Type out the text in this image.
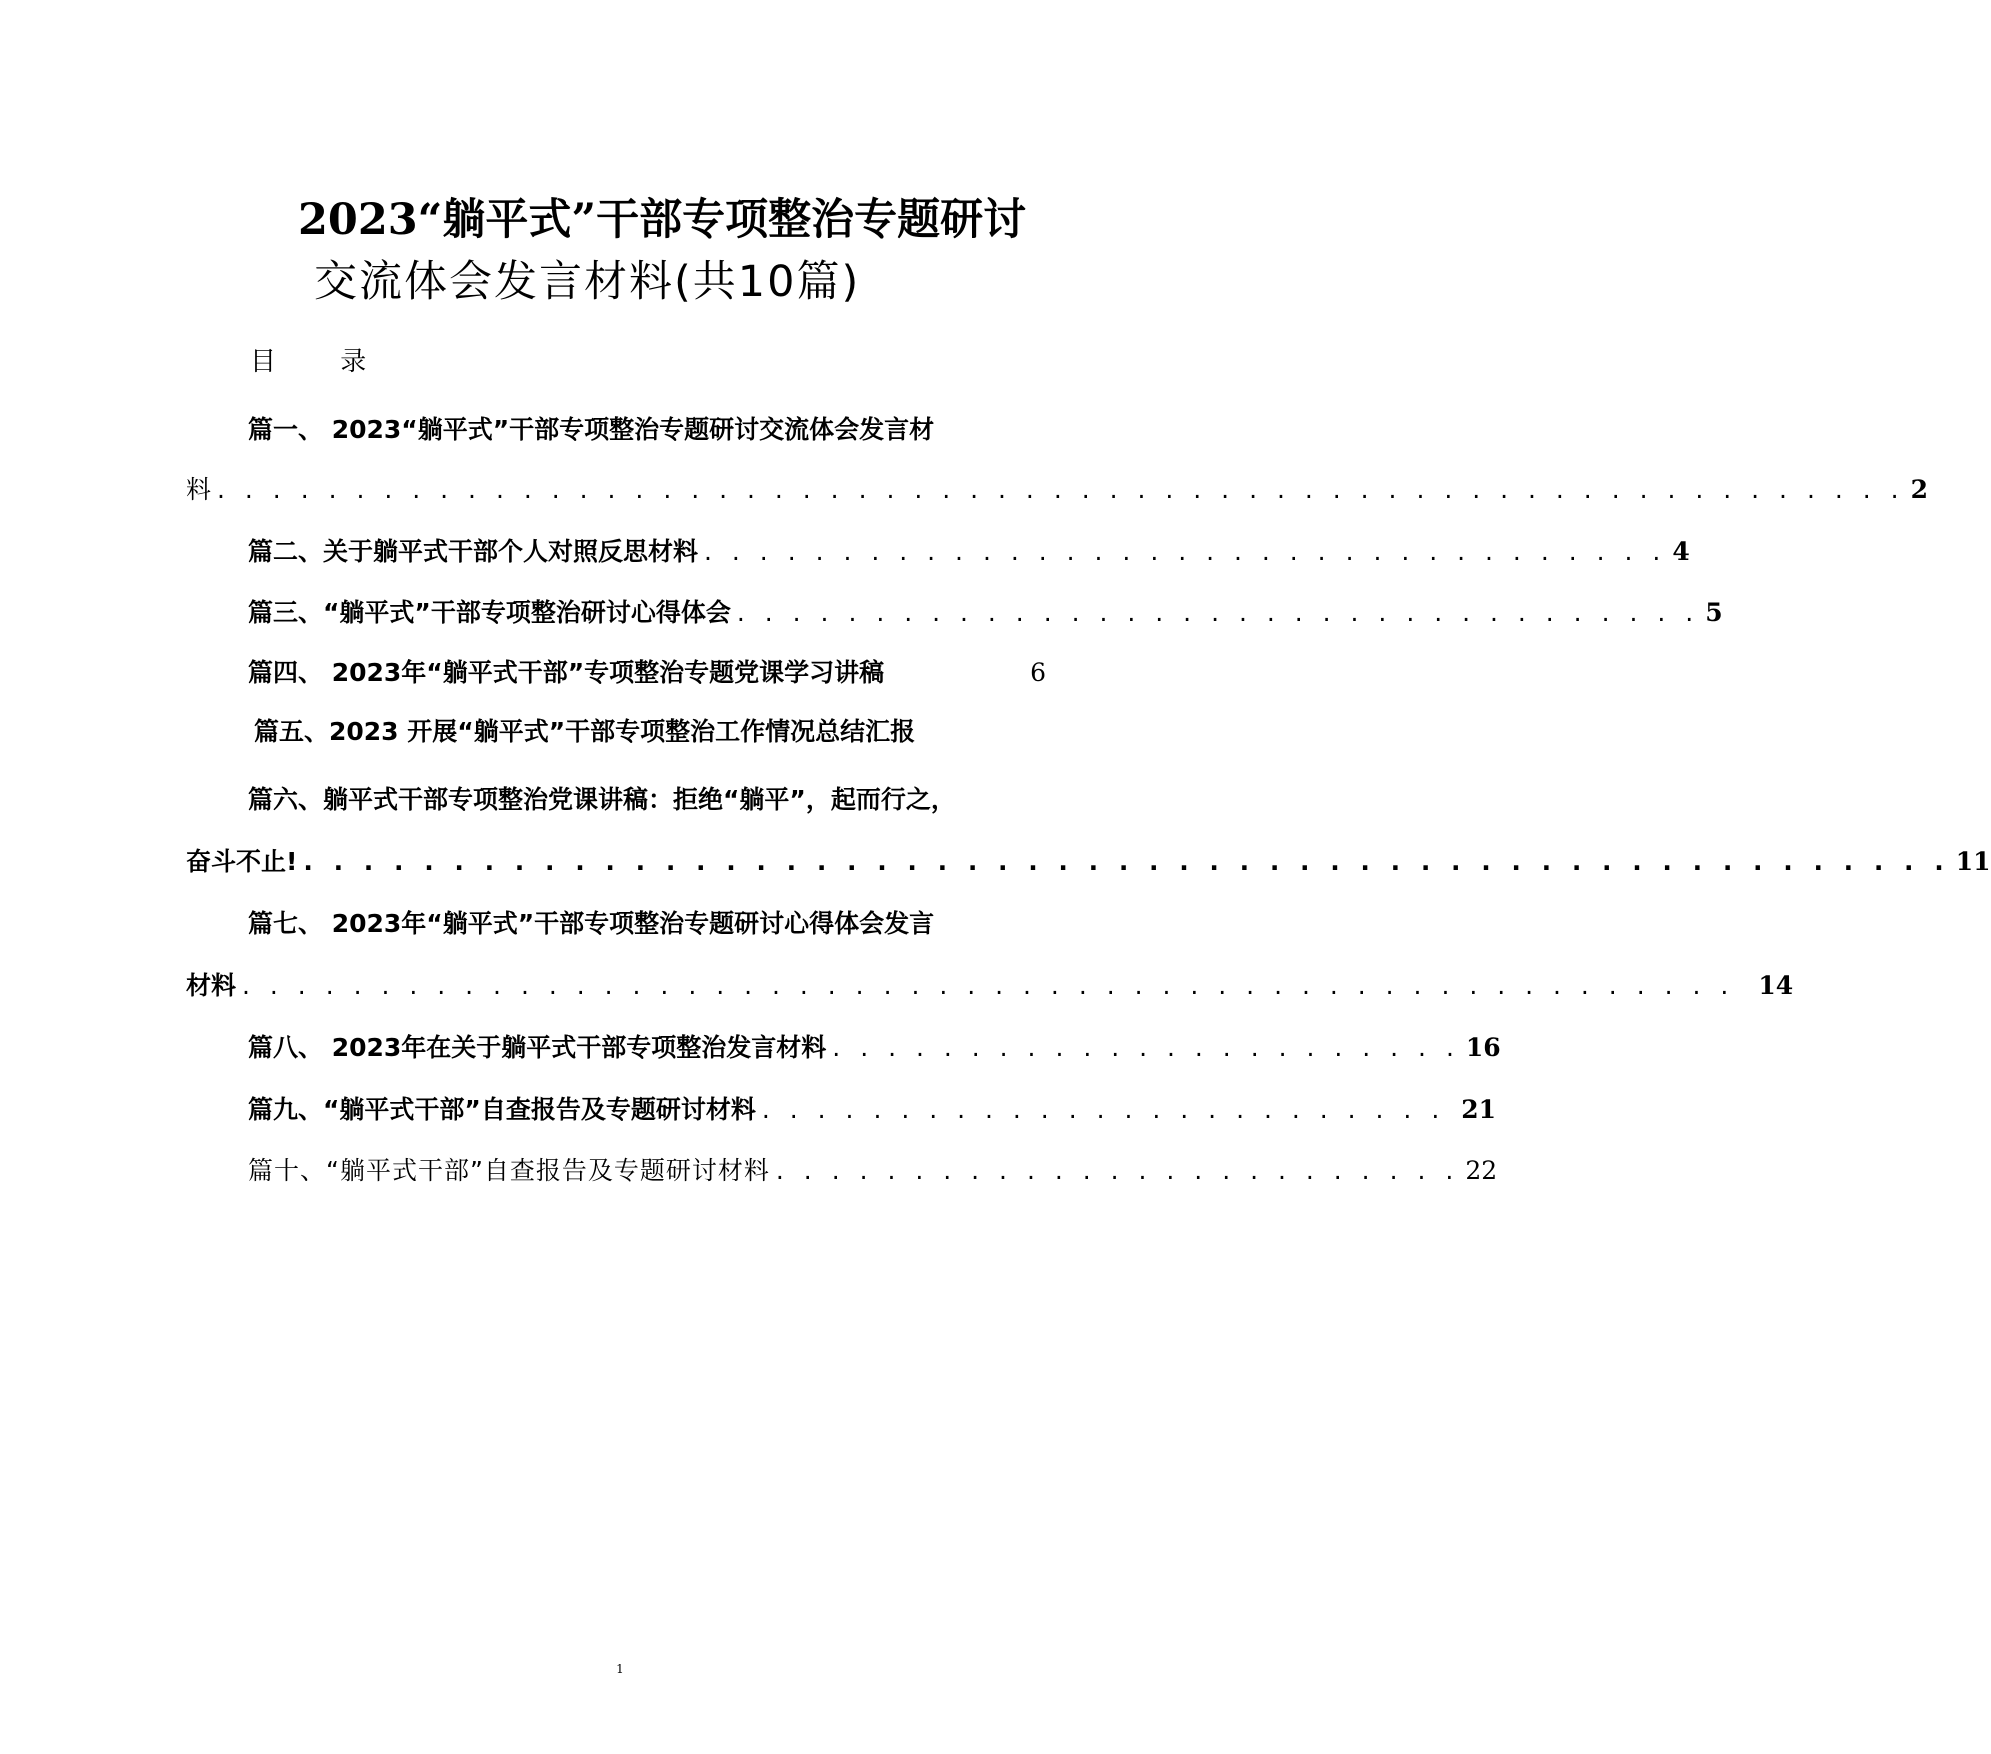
2023“躺平式”干部专项整治专题研讨
交流体会发言材料(共10篇)
目 录
篇一、 2023“躺平式”干部专项整治专题研讨交流体会发言材
料 . . . . . . . . . . . . . . . . . . . . . . . . . . . . . . . . . . . . . . . . . . . . . . . . . . . . . . . . . . . . . 2
篇二、关于躺平式干部个人对照反思材料 . . . . . . . . . . . . . . . . . . . . . . . . . . . . . . . . . . . 4
篇三、“躺平式”干部专项整治研讨心得体会 . . . . . . . . . . . . . . . . . . . . . . . . . . . . . . . . . . . 5
篇四、 2023年“躺平式干部”专项整治专题党课学习讲稿	6
篇五、2023 开展“躺平式”干部专项整治工作情况总结汇报
篇六、躺平式干部专项整治党课讲稿：拒绝“躺平”，起而行之，
奋斗不止! . . . . . . . . . . . . . . . . . . . . . . . . . . . . . . . . . . . . . . . . . . . . . . . . . . . . . . . 11
篇七、 2023年“躺平式”干部专项整治专题研讨心得体会发言
材料 . . . . . . . . . . . . . . . . . . . . . . . . . . . . . . . . . . . . . . . . . . . . . . . . . . . . . . 14
篇八、 2023年在关于躺平式干部专项整治发言材料 . . . . . . . . . . . . . . . . . . . . . . . 16
篇九、“躺平式干部”自查报告及专题研讨材料 . . . . . . . . . . . . . . . . . . . . . . . . . 21
篇十、“躺平式干部”自查报告及专题研讨材料 . . . . . . . . . . . . . . . . . . . . . . . . . 22
1
